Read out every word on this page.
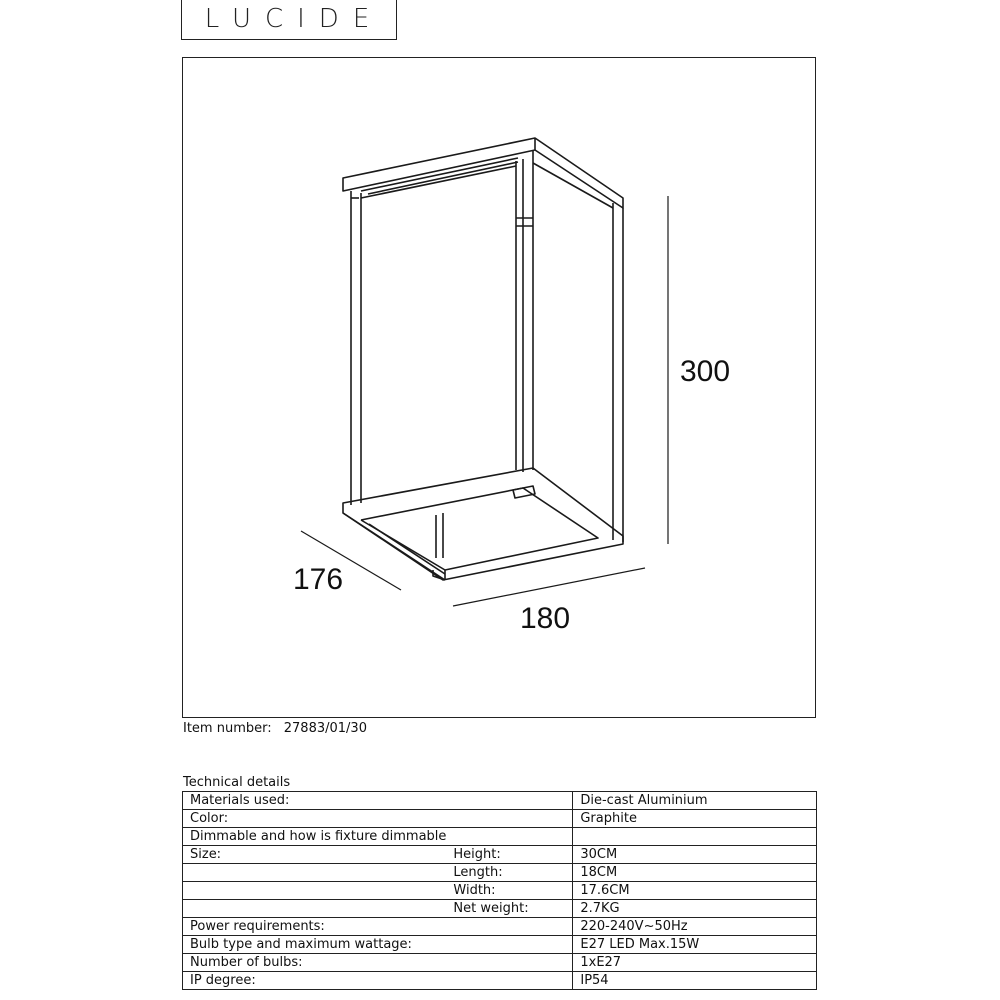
LUCIDE
300
176
180
Item number: 27883/01/30
Technical details
Materials used:		Die-cast Aluminium
Color:		Graphite
Dimmable and how is fixture dimmable		
Size:	Height:	30CM
	Length:	18CM
	Width:	17.6CM
	Net weight:	2.7KG
Power requirements:		220-240V~50Hz
Bulb type and maximum wattage:		E27 LED Max.15W
Number of bulbs:		1xE27
IP degree:		IP54
